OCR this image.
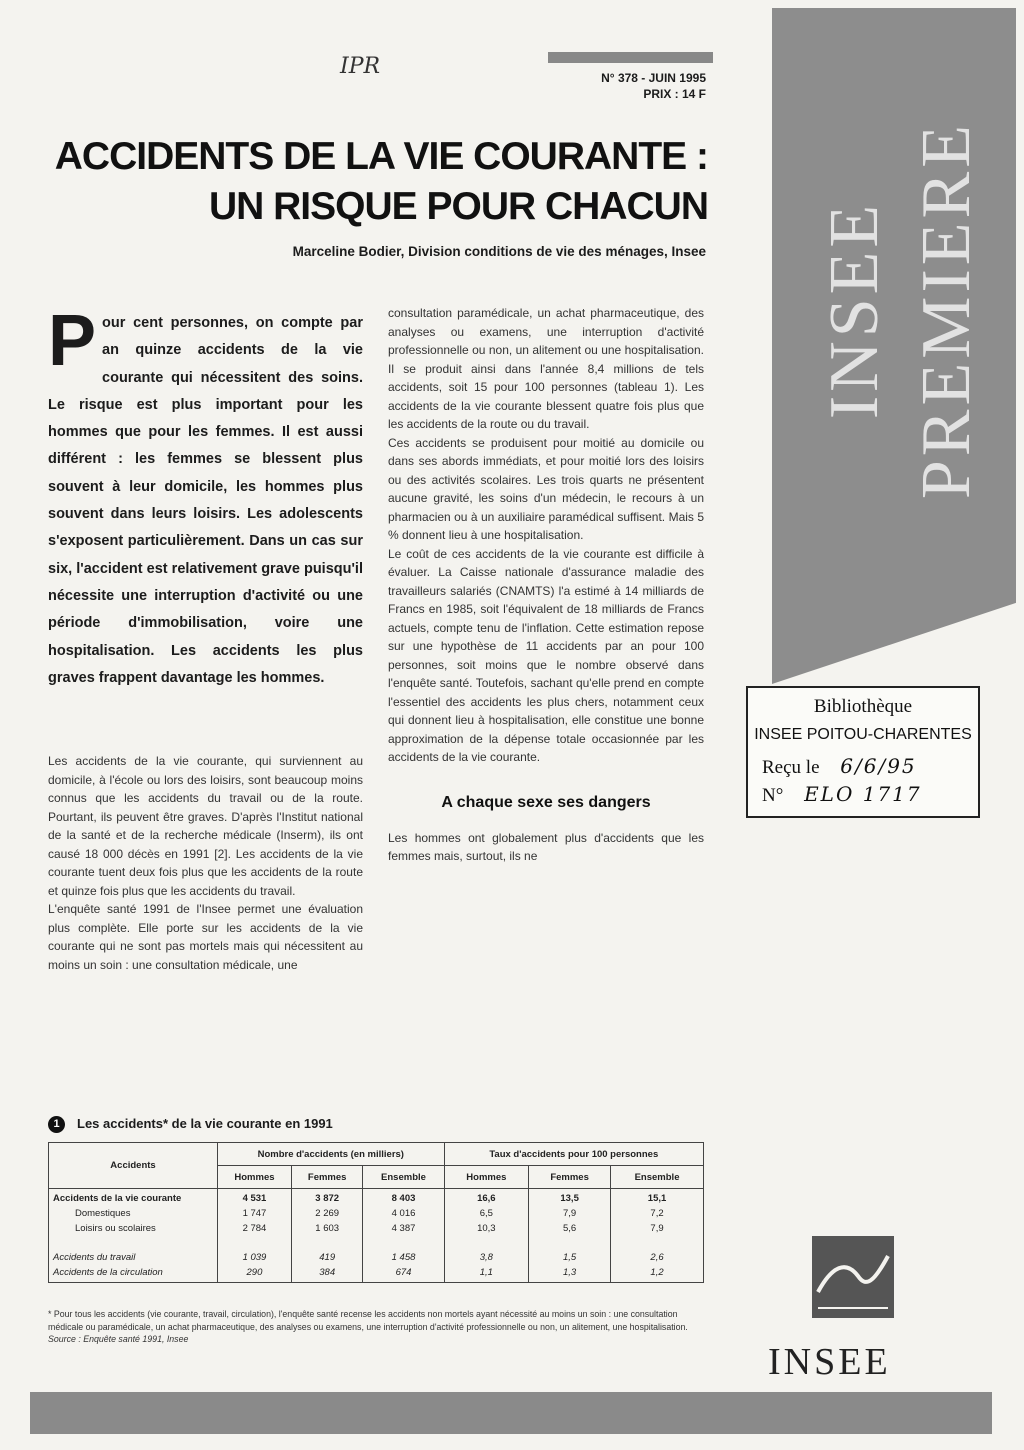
INSEE PREMIERE
Bibliothèque
INSEE POITOU-CHARENTES
Reçu le 6/6/95
N° ELO 1717
INSEE
IPR	N° 378 - JUIN 1995
PRIX : 14 F
ACCIDENTS DE LA VIE COURANTE :
UN RISQUE POUR CHACUN
Marceline Bodier, Division conditions de vie des ménages, Insee
Pour cent personnes, on compte par an quinze accidents de la vie courante qui nécessitent des soins. Le risque est plus important pour les hommes que pour les femmes. Il est aussi différent : les femmes se blessent plus souvent à leur domicile, les hommes plus souvent dans leurs loisirs. Les adolescents s'exposent particulièrement. Dans un cas sur six, l'accident est relativement grave puisqu'il nécessite une interruption d'activité ou une période d'immobilisation, voire une hospitalisation. Les accidents les plus graves frappent davantage les hommes.

Les accidents de la vie courante, qui surviennent au domicile, à l'école ou lors des loisirs, sont beaucoup moins connus que les accidents du travail ou de la route. Pourtant, ils peuvent être graves. D'après l'Institut national de la santé et de la recherche médicale (Inserm), ils ont causé 18 000 décès en 1991 [2]. Les accidents de la vie courante tuent deux fois plus que les accidents de la route et quinze fois plus que les accidents du travail.

L'enquête santé 1991 de l'Insee permet une évaluation plus complète. Elle porte sur les accidents de la vie courante qui ne sont pas mortels mais qui nécessitent au moins un soin : une consultation médicale, une

consultation paramédicale, un achat pharmaceutique, des analyses ou examens, une interruption d'activité professionnelle ou non, un alitement ou une hospitalisation. Il se produit ainsi dans l'année 8,4 millions de tels accidents, soit 15 pour 100 personnes (tableau 1). Les accidents de la vie courante blessent quatre fois plus que les accidents de la route ou du travail.

Ces accidents se produisent pour moitié au domicile ou dans ses abords immédiats, et pour moitié lors des loisirs ou des activités scolaires. Les trois quarts ne présentent aucune gravité, les soins d'un médecin, le recours à un pharmacien ou à un auxiliaire paramédical suffisent. Mais 5 % donnent lieu à une hospitalisation.

Le coût de ces accidents de la vie courante est difficile à évaluer. La Caisse nationale d'assurance maladie des travailleurs salariés (CNAMTS) l'a estimé à 14 milliards de Francs en 1985, soit l'équivalent de 18 milliards de Francs actuels, compte tenu de l'inflation. Cette estimation repose sur une hypothèse de 11 accidents par an pour 100 personnes, soit moins que le nombre observé dans l'enquête santé. Toutefois, sachant qu'elle prend en compte l'essentiel des accidents les plus chers, notamment ceux qui donnent lieu à hospitalisation, elle constitue une bonne approximation de la dépense totale occasionnée par les accidents de la vie courante.

A chaque sexe ses dangers

Les hommes ont globalement plus d'accidents que les femmes mais, surtout, ils ne

1 Les accidents* de la vie courante en 1991
Accidents	Nombre d'accidents (en milliers)			Taux d'accidents pour 100 personnes		
	Hommes	Femmes	Ensemble	Hommes	Femmes	Ensemble
Accidents de la vie courante	4 531	3 872	8 403	16,6	13,5	15,1
Domestiques	1 747	2 269	4 016	6,5	7,9	7,2
Loisirs ou scolaires	2 784	1 603	4 387	10,3	5,6	7,9

Accidents du travail	1 039	419	1 458	3,8	1,5	2,6
Accidents de la circulation	290	384	674	1,1	1,3	1,2
* Pour tous les accidents (vie courante, travail, circulation), l'enquête santé recense les accidents non mortels ayant nécessité au moins un soin : une consultation médicale ou paramédicale, un achat pharmaceutique, des analyses ou examens, une interruption d'activité professionnelle ou non, un alitement, une hospitalisation.
Source : Enquête santé 1991, Insee
